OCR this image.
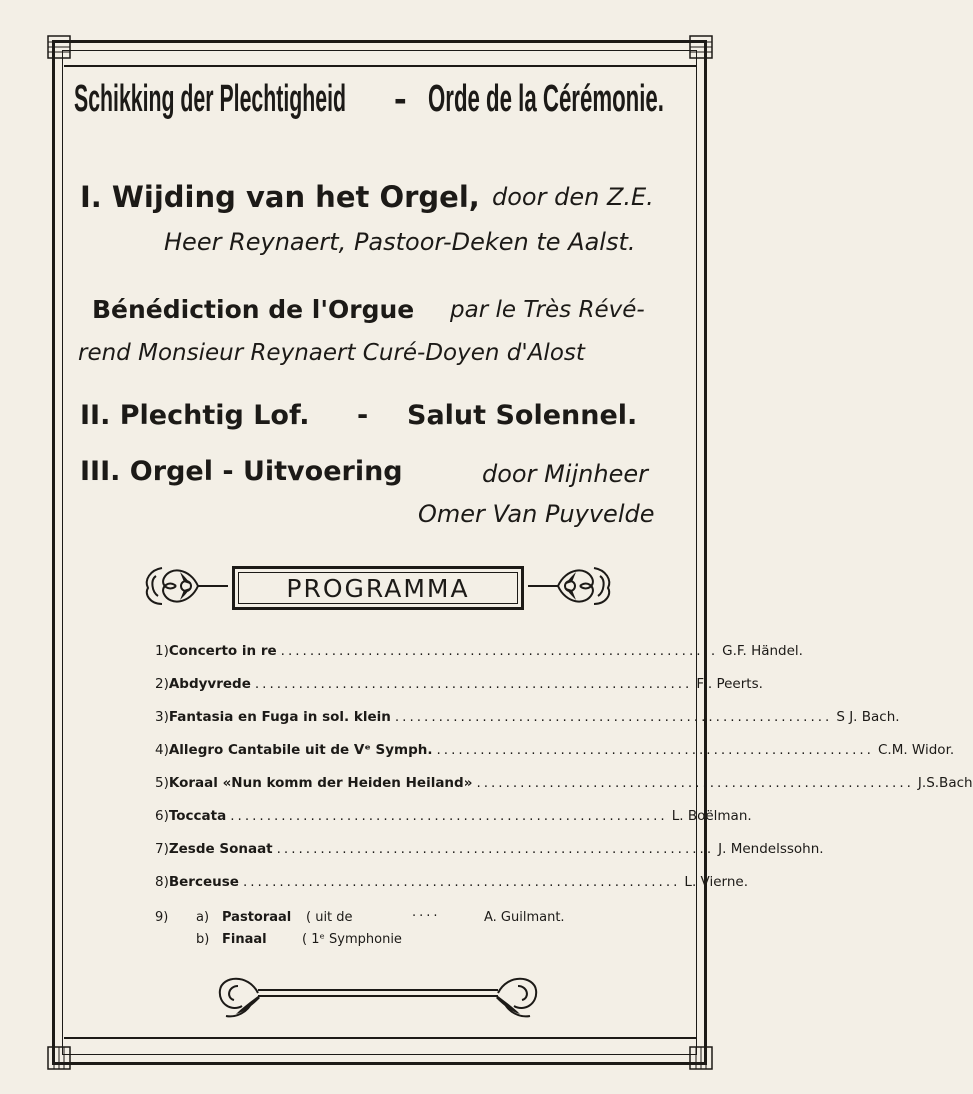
Schikking der Plechtigheid - Orde de la Cérémonie.
I. Wijding van het Orgel, door den Z.E.
Heer Reynaert, Pastoor-Deken te Aalst.
Bénédiction de l'Orgue par le Très Révé-
rend Monsieur Reynaert Curé-Doyen d'Alost
II. Plechtig Lof. - Salut Solennel.
III. Orgel - Uitvoering	door Mijnheer
Omer Van Puyvelde
PROGRAMMA
1) Concerto in re ............................................................ G.F. Händel.
2) Abdyvrede ............................................................ Fl. Peerts.
3) Fantasia en Fuga in sol. klein ............................................................ S J. Bach.
4) Allegro Cantabile uit de Vᵉ Symph. ............................................................ C.M. Widor.
5) Koraal «Nun komm der Heiden Heiland» ............................................................ J.S.Bach
6) Toccata ............................................................ L. Boëlman.
7) Zesde Sonaat ............................................................ J. Mendelssohn.
8) Berceuse ............................................................ L. Vierne.
9) a) Pastoraal ( uit de	....	A. Guilmant.
b) Finaal	( 1ᵉ Symphonie
